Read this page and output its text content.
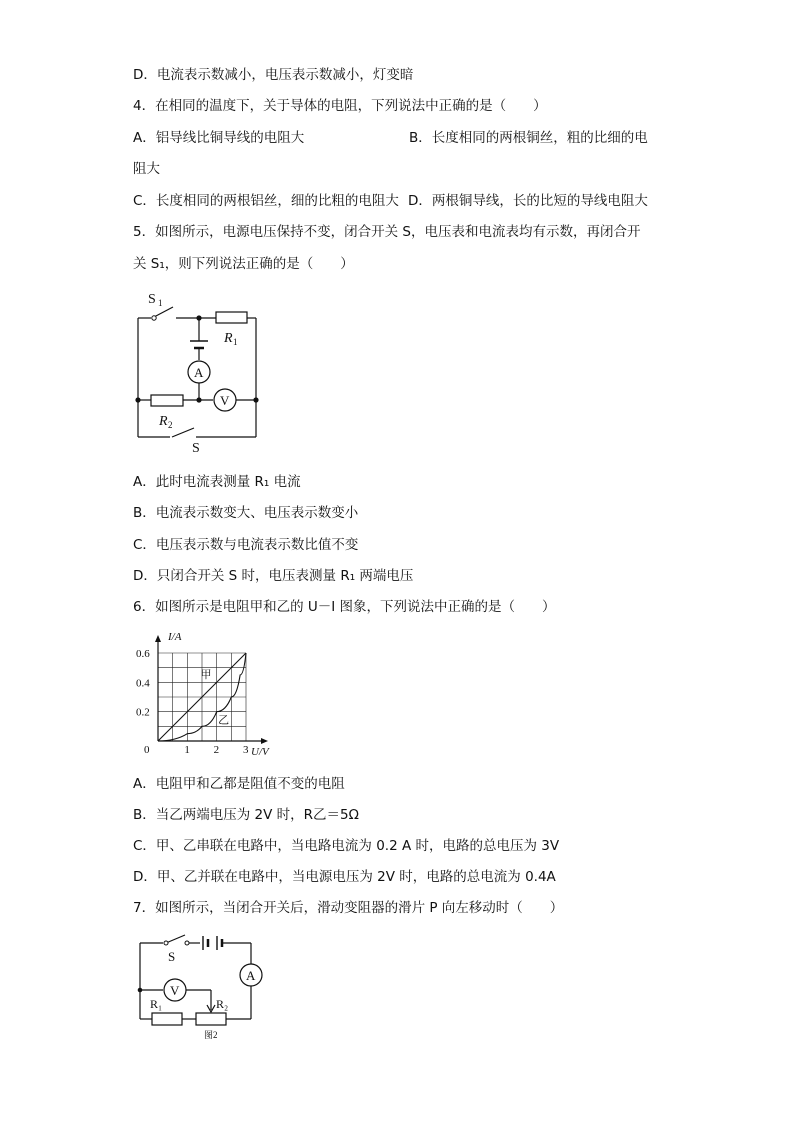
D．电流表示数减小，电压表示数减小，灯变暗
4．在相同的温度下，关于导体的电阻，下列说法中正确的是（　　）
A．铝导线比铜导线的电阻大	B．长度相同的两根铜丝，粗的比细的电
阻大
C．长度相同的两根铝丝，细的比粗的电阻大 D．两根铜导线，长的比短的导线电阻大
5．如图所示，电源电压保持不变，闭合开关 S，电压表和电流表均有示数，再闭合开
关 S₁，则下列说法正确的是（　　）
S 1
R 1
A
V
R 2
S
A．此时电流表测量 R₁ 电流
B．电流表示数变大、电压表示数变小
C．电压表示数与电流表示数比值不变
D．只闭合开关 S 时，电压表测量 R₁ 两端电压
6．如图所示是电阻甲和乙的 U－I 图象，下列说法中正确的是（　　）
甲
乙
1 2 3
0.2
0.4
0.6
0	U/V
I/A
A．电阻甲和乙都是阻值不变的电阻
B．当乙两端电压为 2V 时，R乙＝5Ω
C．甲、乙串联在电路中，当电路电流为 0.2 A 时，电路的总电压为 3V
D．甲、乙并联在电路中，当电源电压为 2V 时，电路的总电流为 0.4A
7．如图所示，当闭合开关后，滑动变阻器的滑片 P 向左移动时（　　）
S
A
V
R₁	R₂
图2
